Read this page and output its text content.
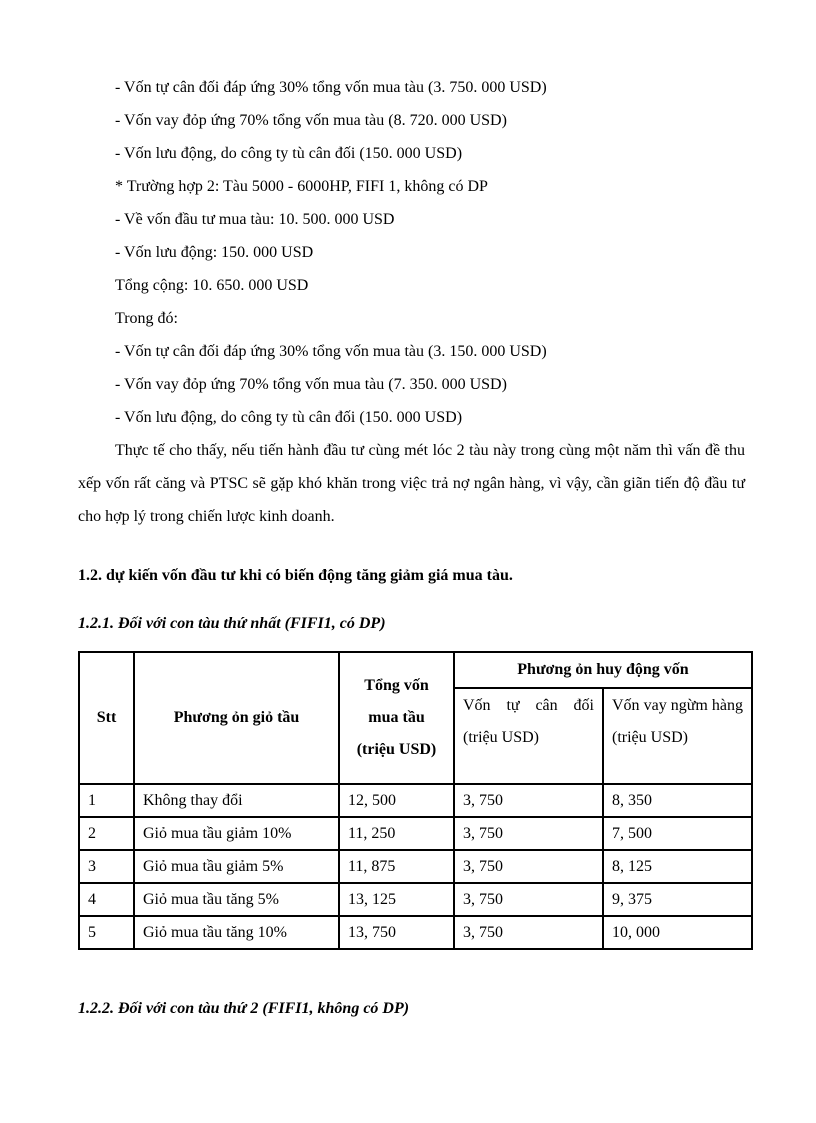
- Vốn tự cân đối đáp ứng 30% tổng vốn mua tàu (3. 750. 000 USD)

- Vốn vay đỏp ứng 70% tổng vốn mua tàu (8. 720. 000 USD)

- Vốn lưu động, do công ty tù cân đối (150. 000 USD)

* Trường hợp 2: Tàu 5000 - 6000HP, FIFI 1, không có DP

- Về vốn đầu tư mua tàu: 10. 500. 000 USD

- Vốn lưu động: 150. 000 USD

Tổng cộng: 10. 650. 000 USD

Trong đó:

- Vốn tự cân đối đáp ứng 30% tổng vốn mua tàu (3. 150. 000 USD)

- Vốn vay đỏp ứng 70% tổng vốn mua tàu (7. 350. 000 USD)

- Vốn lưu động, do công ty tù cân đối (150. 000 USD)

Thực tế cho thấy, nếu tiến hành đầu tư cùng mét lóc 2 tàu này trong cùng một năm thì vấn đề thu xếp vốn rất căng và PTSC sẽ gặp khó khăn trong việc trả nợ ngân hàng, vì vậy, cần giãn tiến độ đầu tư cho hợp lý trong chiến lược kinh doanh.

1.2. dự kiến vốn đầu tư khi có biến động tăng giảm giá mua tàu.

1.2.1. Đối với con tàu thứ nhất (FIFI1, có DP)

Stt	Phương ỏn giỏ tầu	Tổng vốn mua tầu (triệu USD)	Phương ỏn huy động vốn	
			Vốn tự cân đối (triệu USD)	Vốn vay ngừm hàng (triệu USD)
1	Không thay đổi	12, 500	3, 750	8, 350
2	Giỏ mua tầu giảm 10%	11, 250	3, 750	7, 500
3	Giỏ mua tầu giảm 5%	11, 875	3, 750	8, 125
4	Giỏ mua tầu tăng 5%	13, 125	3, 750	9, 375
5	Giỏ mua tầu tăng 10%	13, 750	3, 750	10, 000

1.2.2. Đối với con tàu thứ 2 (FIFI1, không có DP)
